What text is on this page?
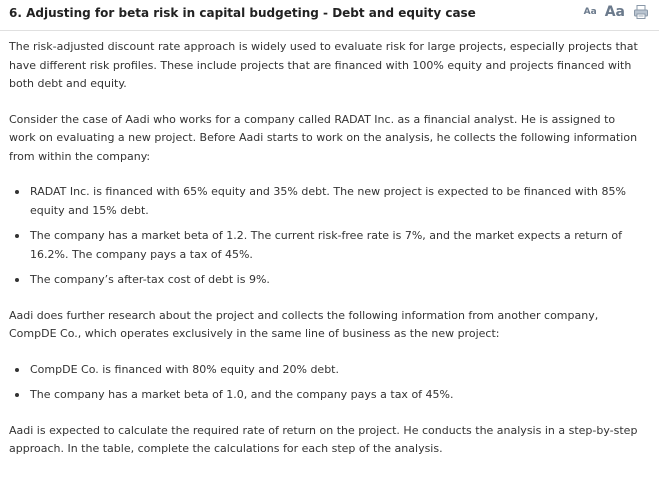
6. Adjusting for beta risk in capital budgeting - Debt and equity case	Aa Aa

The risk-adjusted discount rate approach is widely used to evaluate risk for large projects, especially projects that have different risk profiles. These include projects that are financed with 100% equity and projects financed with both debt and equity.

Consider the case of Aadi who works for a company called RADAT Inc. as a financial analyst. He is assigned to work on evaluating a new project. Before Aadi starts to work on the analysis, he collects the following information from within the company:

RADAT Inc. is financed with 65% equity and 35% debt. The new project is expected to be financed with 85% equity and 15% debt.
The company has a market beta of 1.2. The current risk-free rate is 7%, and the market expects a return of 16.2%. The company pays a tax of 45%.
The company’s after-tax cost of debt is 9%.

Aadi does further research about the project and collects the following information from another company, CompDE Co., which operates exclusively in the same line of business as the new project:

CompDE Co. is financed with 80% equity and 20% debt.
The company has a market beta of 1.0, and the company pays a tax of 45%.

Aadi is expected to calculate the required rate of return on the project. He conducts the analysis in a step-by-step approach. In the table, complete the calculations for each step of the analysis.
